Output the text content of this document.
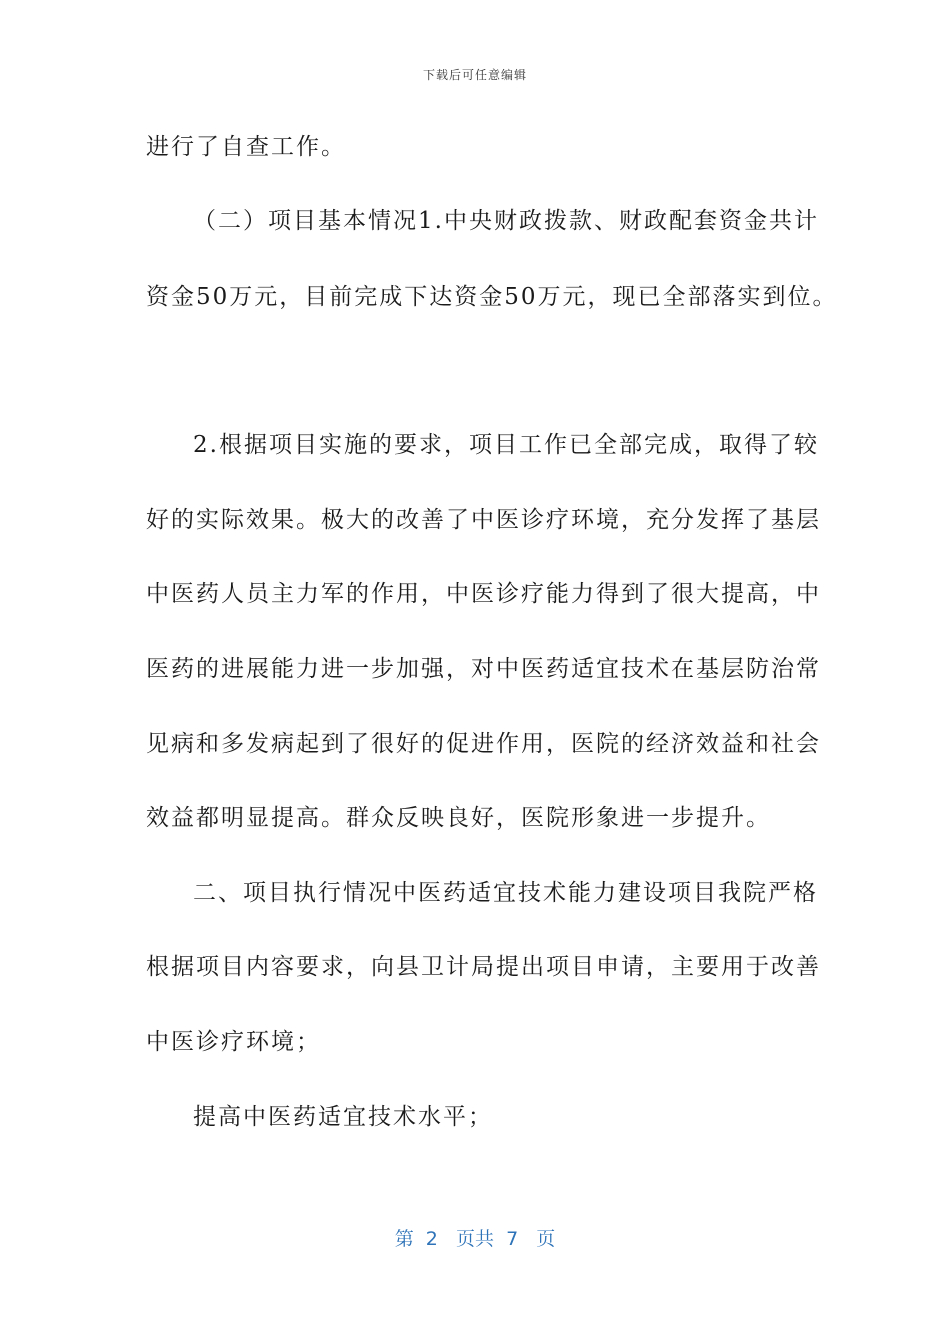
下载后可任意编辑
进行了自查工作。
（二）项目基本情况1.中央财政拨款、财政配套资金共计
资金50万元，目前完成下达资金50万元，现已全部落实到位。
2.根据项目实施的要求，项目工作已全部完成，取得了较
好的实际效果。极大的改善了中医诊疗环境，充分发挥了基层
中医药人员主力军的作用，中医诊疗能力得到了很大提高，中
医药的进展能力进一步加强，对中医药适宜技术在基层防治常
见病和多发病起到了很好的促进作用，医院的经济效益和社会
效益都明显提高。群众反映良好，医院形象进一步提升。
二、项目执行情况中医药适宜技术能力建设项目我院严格
根据项目内容要求，向县卫计局提出项目申请，主要用于改善
中医诊疗环境；
提高中医药适宜技术水平；
第  2   页共  7   页
